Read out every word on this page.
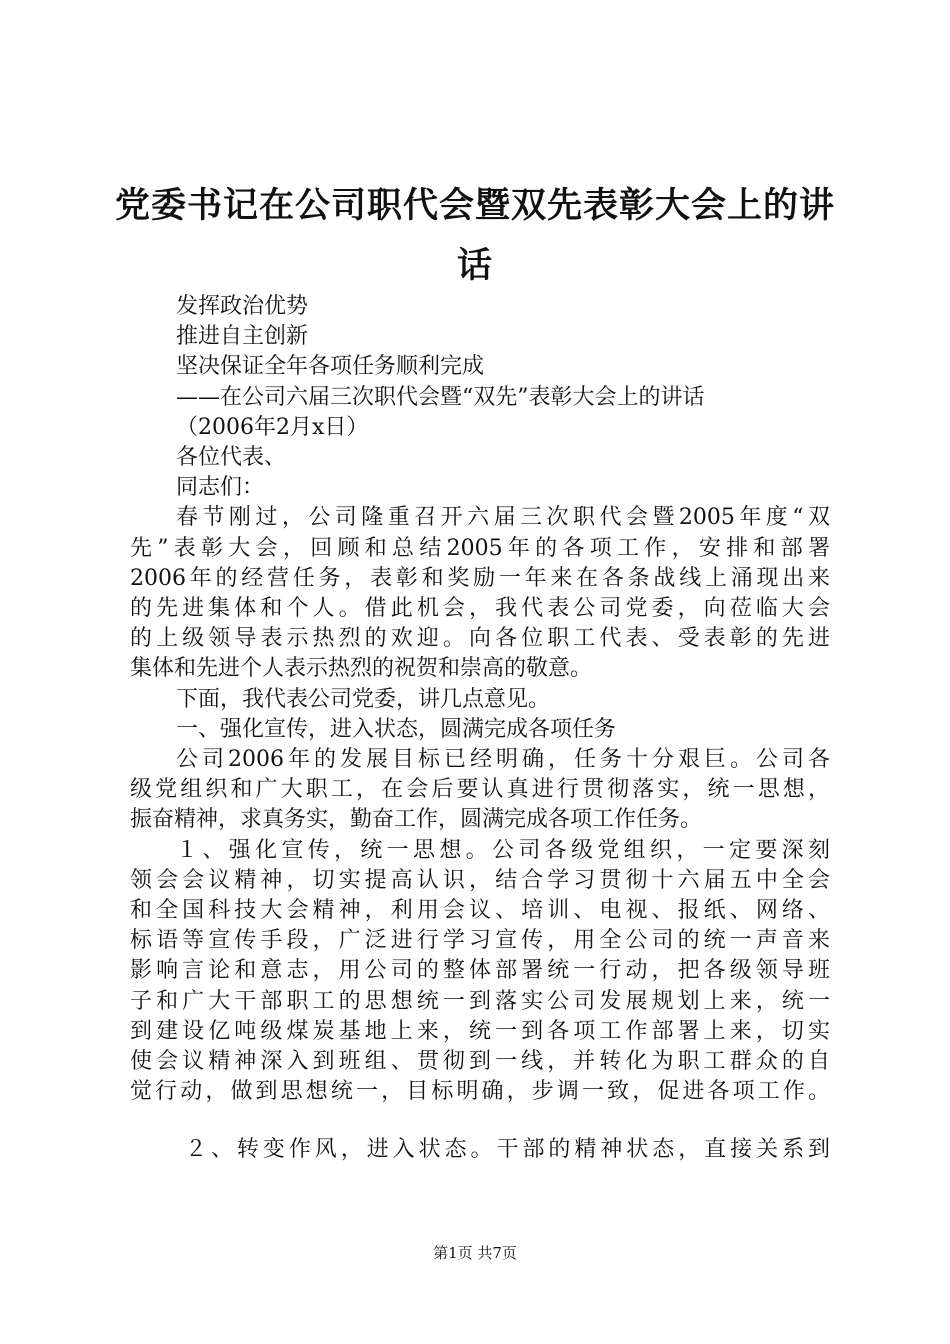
党委书记在公司职代会暨双先表彰大会上的讲
话
发挥政治优势
推进自主创新
坚决保证全年各项任务顺利完成
——在公司六届三次职代会暨“双先”表彰大会上的讲话
（2006年2月x日）
各位代表、
同志们：
春节刚过，公司隆重召开六届三次职代会暨2005年度“双
先”表彰大会，回顾和总结2005年的各项工作，安排和部署
2006年的经营任务，表彰和奖励一年来在各条战线上涌现出来
的先进集体和个人。借此机会，我代表公司党委，向莅临大会
的上级领导表示热烈的欢迎。向各位职工代表、受表彰的先进
集体和先进个人表示热烈的祝贺和崇高的敬意。
下面，我代表公司党委，讲几点意见。
一、强化宣传，进入状态，圆满完成各项任务
公司2006年的发展目标已经明确，任务十分艰巨。公司各
级党组织和广大职工，在会后要认真进行贯彻落实，统一思想，
振奋精神，求真务实，勤奋工作，圆满完成各项工作任务。
１、强化宣传，统一思想。公司各级党组织，一定要深刻
领会会议精神，切实提高认识，结合学习贯彻十六届五中全会
和全国科技大会精神，利用会议、培训、电视、报纸、网络、
标语等宣传手段，广泛进行学习宣传，用全公司的统一声音来
影响言论和意志，用公司的整体部署统一行动，把各级领导班
子和广大干部职工的思想统一到落实公司发展规划上来，统一
到建设亿吨级煤炭基地上来，统一到各项工作部署上来，切实
使会议精神深入到班组、贯彻到一线，并转化为职工群众的自
觉行动，做到思想统一，目标明确，步调一致，促进各项工作。
２、转变作风，进入状态。干部的精神状态，直接关系到
第1页 共7页
